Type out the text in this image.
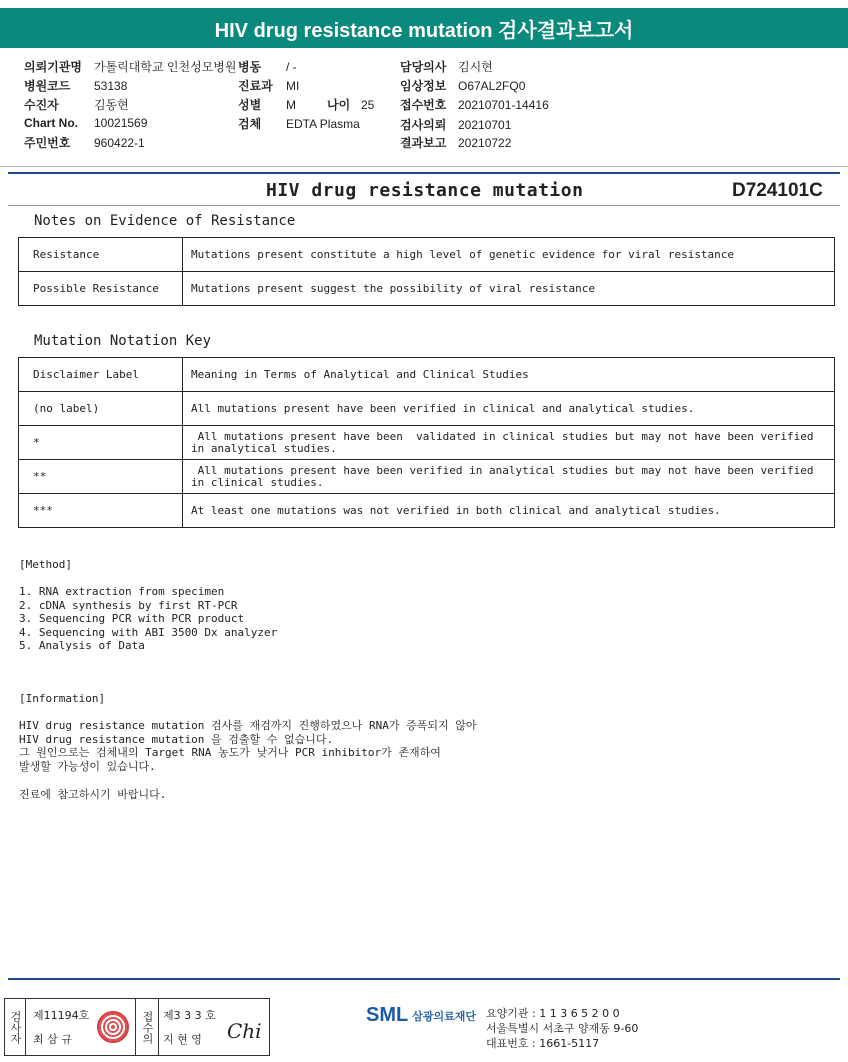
HIV drug resistance mutation 검사결과보고서
의뢰기관명 가톨릭대학교 인천성모병원 병동 / -	담당의사 김시현
병원코드 53138	진료과 MI	임상정보 O67AL2FQ0
수진자	김동현	성별 M	나이 25 접수번호 20210701-14416
Chart No. 10021569	검체 EDTA Plasma	검사의뢰 20210701
주민번호 960422-1	결과보고 20210722
HIV drug resistance mutation	D724101C
Notes on Evidence of Resistance
Resistance	Mutations present constitute a high level of genetic evidence for viral resistance
Possible Resistance	Mutations present suggest the possibility of viral resistance
Mutation Notation Key
Disclaimer Label	Meaning in Terms of Analytical and Clinical Studies
(no label)	All mutations present have been verified in clinical and analytical studies.
*	All mutations present have been  validated in clinical studies but may not have been verified
in analytical studies.
**	All mutations present have been verified in analytical studies but may not have been verified
in clinical studies.
***	At least one mutations was not verified in both clinical and analytical studies.
[Method]
1. RNA extraction from specimen
2. cDNA synthesis by first RT-PCR
3. Sequencing PCR with PCR product
4. Sequencing with ABI 3500 Dx analyzer
5. Analysis of Data
[Information]
HIV drug resistance mutation 검사를 재검까지 진행하였으나 RNA가 증폭되지 않아
HIV drug resistance mutation 을 검출할 수 없습니다.
그 원인으로는 검체내의 Target RNA 농도가 낮거나 PCR inhibitor가 존재하여
발생할 가능성이 있습니다.
진료에 참고하시기 바랍니다.
검사자	제11194호
최 삼 규	접수의 제3 3 3 호
지 현 영 Chi
SML 삼광의료재단 요양기관 : 1 1 3 6 5 2 0 0
서울특별시 서초구 양재동 9-60
대표번호 : 1661-5117
